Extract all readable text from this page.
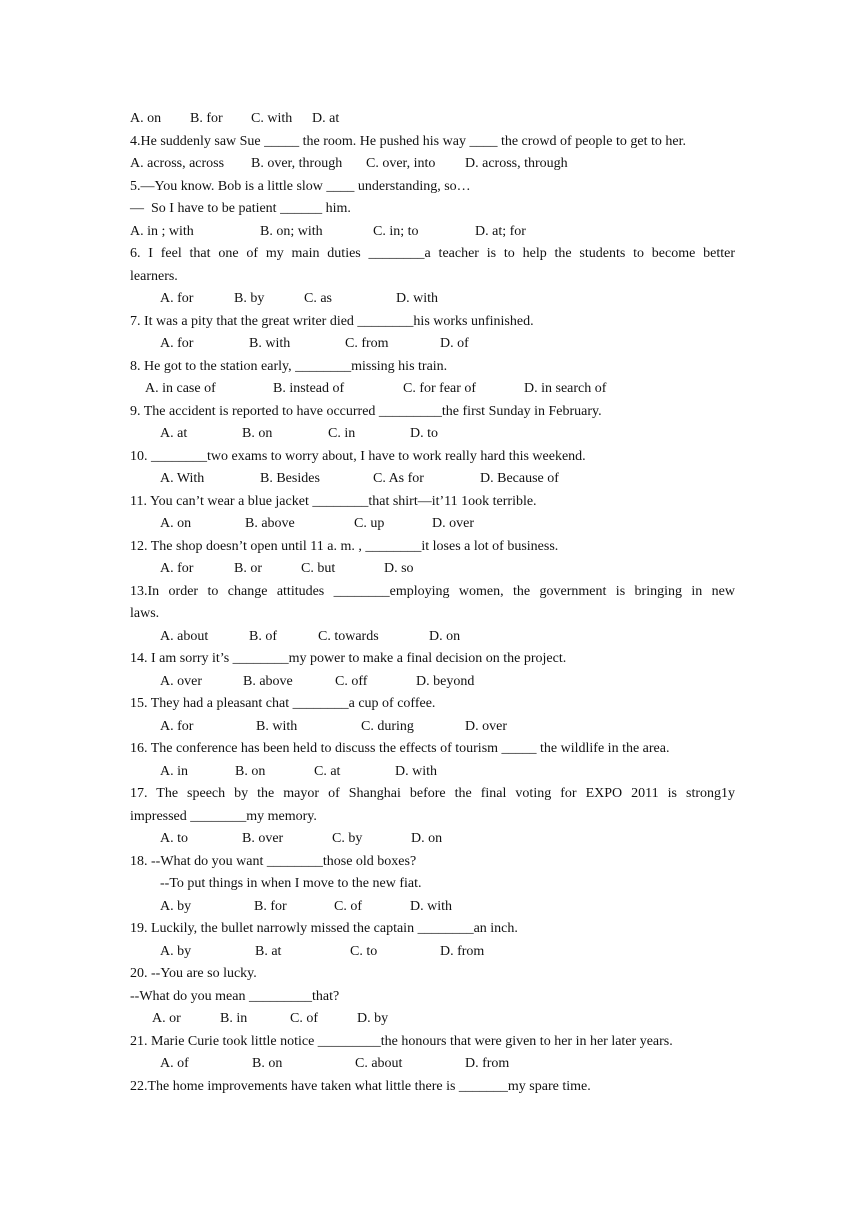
A. on B. for C. with D. at
4.He suddenly saw Sue _____ the room. He pushed his way ____ the crowd of people to get to her.
A. across, across B. over, through C. over, into D. across, through
5.—You know. Bob is a little slow ____ understanding, so…
—  So I have to be patient ______ him.
A. in ; with	B. on; with	C. in; to	D. at; for
6. I feel that one of my main duties ________a teacher is to help the students to become better
learners.
A. for	B. by	C. as	D. with
7. It was a pity that the great writer died ________his works unfinished.
A. for	B. with	C. from	D. of
8. He got to the station early, ________missing his train.
A. in case of	B. instead of	C. for fear of	D. in search of
9. The accident is reported to have occurred _________the first Sunday in February.
A. at	B. on	C. in	D. to
10. ________two exams to worry about, I have to work really hard this weekend.
A. With	B. Besides	C. As for	D. Because of
11. You can’t wear a blue jacket ________that shirt—it’11 1ook terrible.
A. on	B. above	C. up	D. over
12. The shop doesn’t open until 11 a. m. , ________it loses a lot of business.
A. for	B. or	C. but	D. so
13.In order to change attitudes ________employing women, the government is bringing in new
laws.
A. about	B. of	C. towards	D. on
14. I am sorry it’s ________my power to make a final decision on the project.
A. over	B. above	C. off	D. beyond
15. They had a pleasant chat ________a cup of coffee.
A. for	B. with	C. during	D. over
16. The conference has been held to discuss the effects of tourism _____ the wildlife in the area.
A. in	B. on	C. at	D. with
17. The speech by the mayor of Shanghai before the final voting for EXPO 2011 is strong1y
impressed ________my memory.
A. to	B. over	C. by	D. on
18. --What do you want ________those old boxes?
--To put things in when I move to the new fiat.
A. by	B. for	C. of	D. with
19. Luckily, the bullet narrowly missed the captain ________an inch.
A. by	B. at	C. to	D. from
20. --You are so lucky.
--What do you mean _________that?
A. or	B. in	C. of	D. by
21. Marie Curie took little notice _________the honours that were given to her in her later years.
A. of	B. on	C. about	D. from
22.The home improvements have taken what little there is _______my spare time.
